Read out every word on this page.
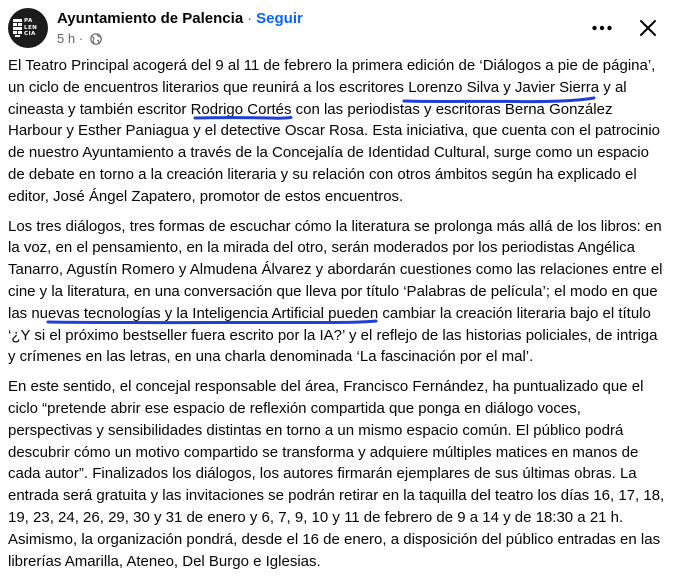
PA
LEN
CIA
Ayuntamiento de Palencia · Seguir
5 h ·

El Teatro Principal acogerá del 9 al 11 de febrero la primera edición de ‘Diálogos a pie de página’, un ciclo de encuentros literarios que reunirá a los escritores Lorenzo Silva y Javier Sierra y al cineasta y también escritor Rodrigo Cortés con las periodistas y escritoras Berna González Harbour y Esther Paniagua y el detective Oscar Rosa. Esta iniciativa, que cuenta con el patrocinio de nuestro Ayuntamiento a través de la Concejalía de Identidad Cultural, surge como un espacio de debate en torno a la creación literaria y su relación con otros ámbitos según ha explicado el editor, José Ángel Zapatero, promotor de estos encuentros.

Los tres diálogos, tres formas de escuchar cómo la literatura se prolonga más allá de los libros: en la voz, en el pensamiento, en la mirada del otro, serán moderados por los periodistas Angélica Tanarro, Agustín Romero y Almudena Álvarez y abordarán cuestiones como las relaciones entre el cine y la literatura, en una conversación que lleva por título ‘Palabras de película’; el modo en que las nuevas tecnologías y la Inteligencia Artificial pueden cambiar la creación literaria bajo el título ‘¿Y si el próximo bestseller fuera escrito por la IA?’ y el reflejo de las historias policiales, de intriga y crímenes en las letras, en una charla denominada ‘La fascinación por el mal’.

En este sentido, el concejal responsable del área, Francisco Fernández, ha puntualizado que el ciclo “pretende abrir ese espacio de reflexión compartida que ponga en diálogo voces, perspectivas y sensibilidades distintas en torno a un mismo espacio común. El público podrá descubrir cómo un motivo compartido se transforma y adquiere múltiples matices en manos de cada autor”. Finalizados los diálogos, los autores firmarán ejemplares de sus últimas obras. La entrada será gratuita y las invitaciones se podrán retirar en la taquilla del teatro los días 16, 17, 18, 19, 23, 24, 26, 29, 30 y 31 de enero y 6, 7, 9, 10 y 11 de febrero de 9 a 14 y de 18:30 a 21 h. Asimismo, la organización pondrá, desde el 16 de enero, a disposición del público entradas en las librerías Amarilla, Ateneo, Del Burgo e Iglesias.
